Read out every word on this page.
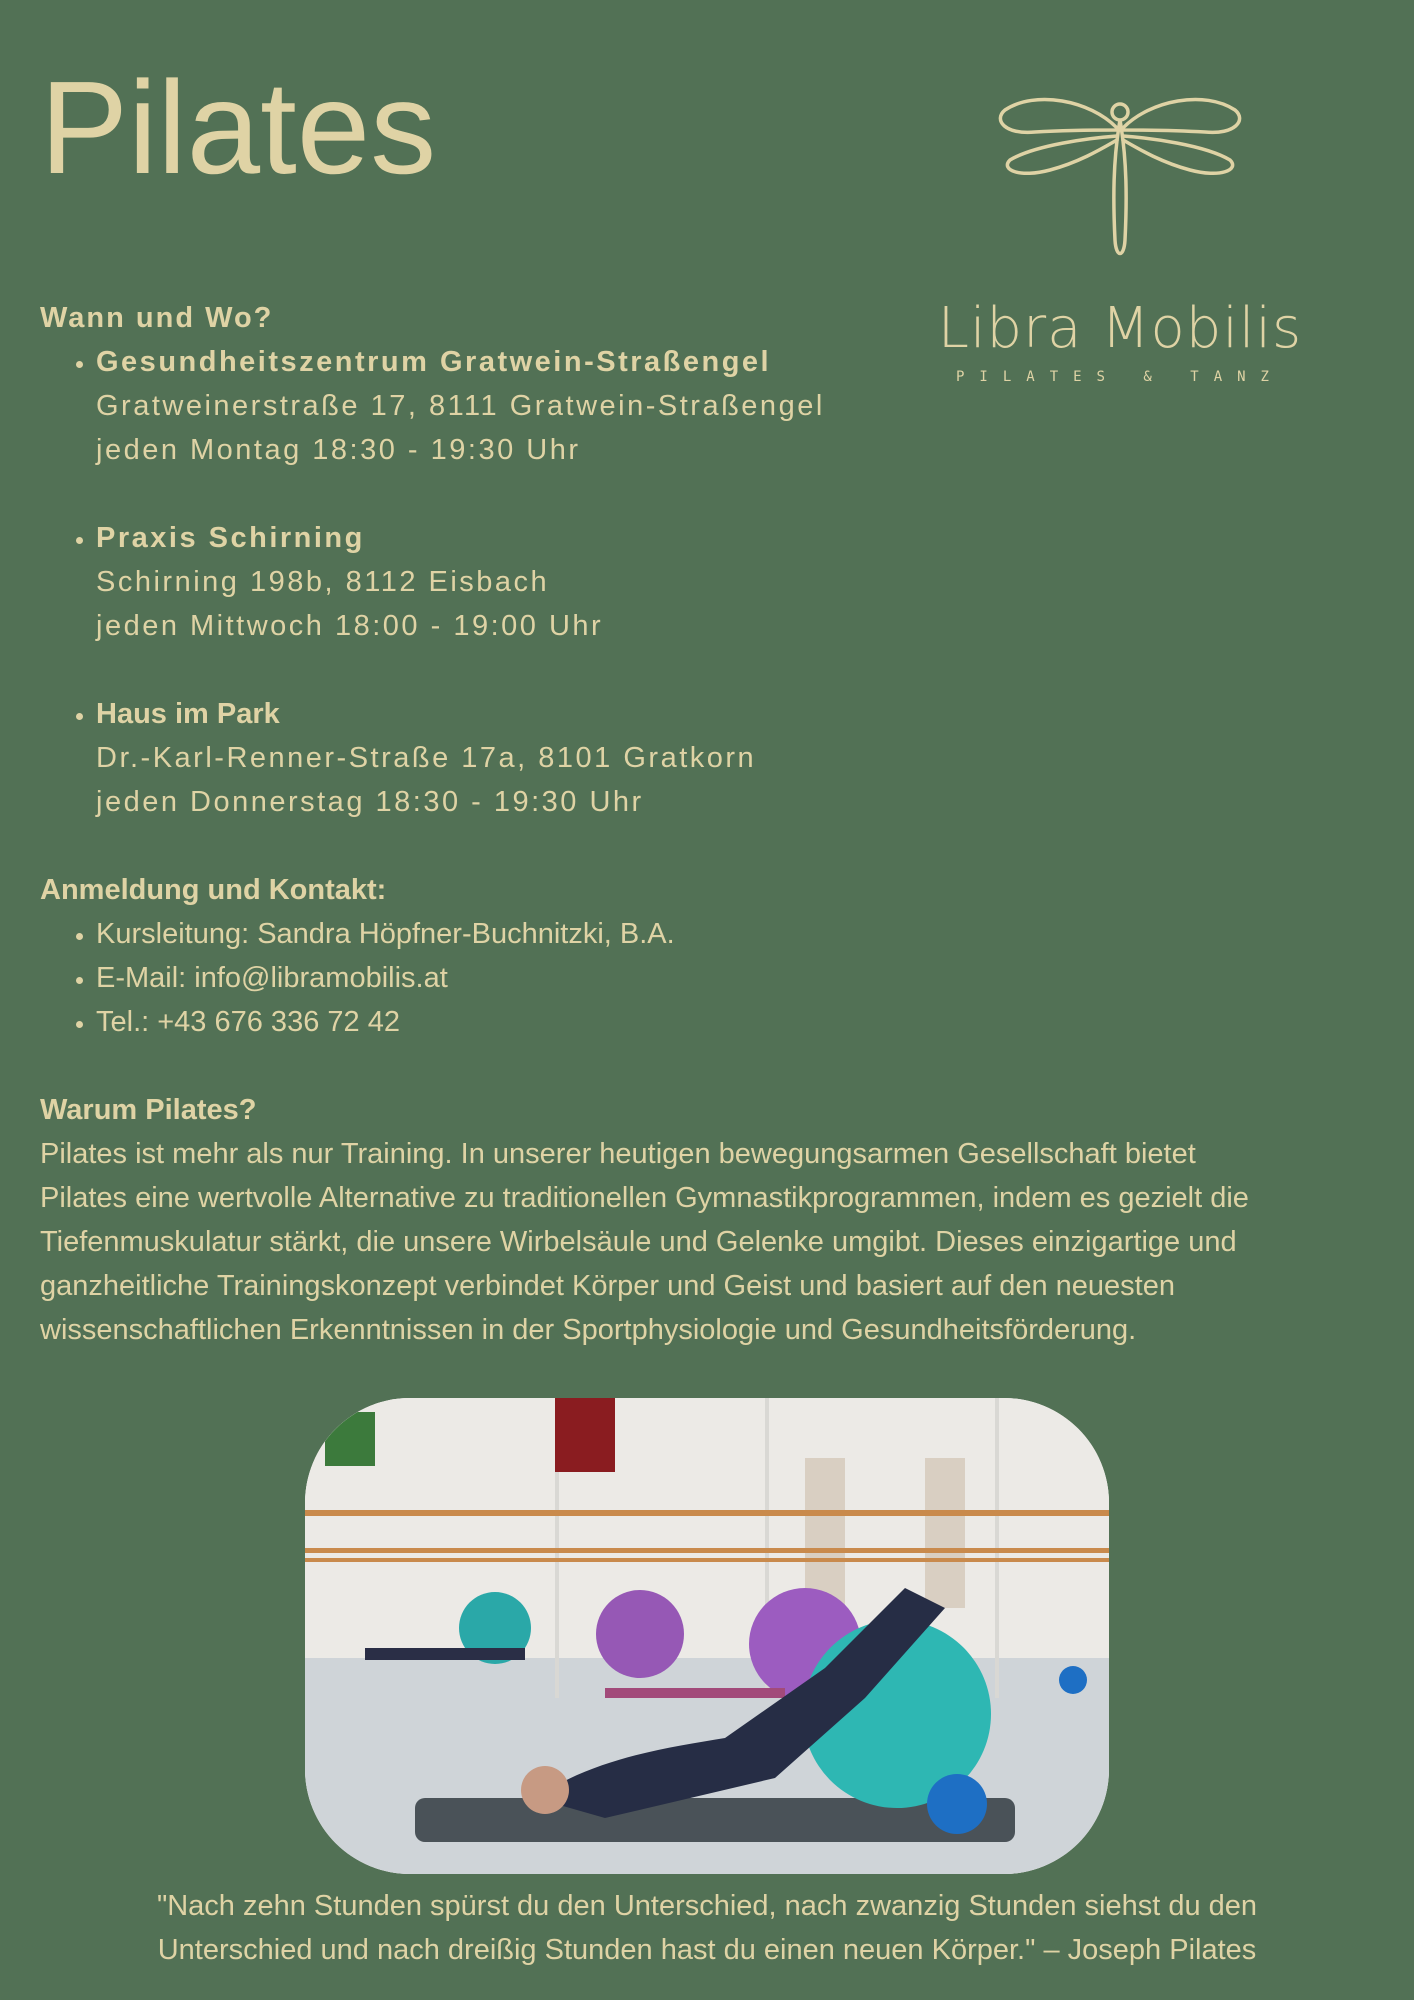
Pilates
Libra Mobilis
PILATES & TANZ

Wann und Wo?

• Gesundheitszentrum Gratwein-Straßengel
Gratweinerstraße 17, 8111 Gratwein-Straßengel
jeden Montag 18:30 - 19:30 Uhr
• Praxis Schirning
Schirning 198b, 8112 Eisbach
jeden Mittwoch 18:00 - 19:00 Uhr
• Haus im Park
Dr.-Karl-Renner-Straße 17a, 8101 Gratkorn
jeden Donnerstag 18:30 - 19:30 Uhr

Anmeldung und Kontakt:

• Kursleitung: Sandra Höpfner-Buchnitzki, B.A.
• E-Mail: info@libramobilis.at
• Tel.: +43 676 336 72 42

Warum Pilates?

Pilates ist mehr als nur Training. In unserer heutigen bewegungsarmen Gesellschaft bietet
Pilates eine wertvolle Alternative zu traditionellen Gymnastikprogrammen, indem es gezielt die
Tiefenmuskulatur stärkt, die unsere Wirbelsäule und Gelenke umgibt. Dieses einzigartige und
ganzheitliche Trainingskonzept verbindet Körper und Geist und basiert auf den neuesten
wissenschaftlichen Erkenntnissen in der Sportphysiologie und Gesundheitsförderung.

"Nach zehn Stunden spürst du den Unterschied, nach zwanzig Stunden siehst du den
Unterschied und nach dreißig Stunden hast du einen neuen Körper." – Joseph Pilates
